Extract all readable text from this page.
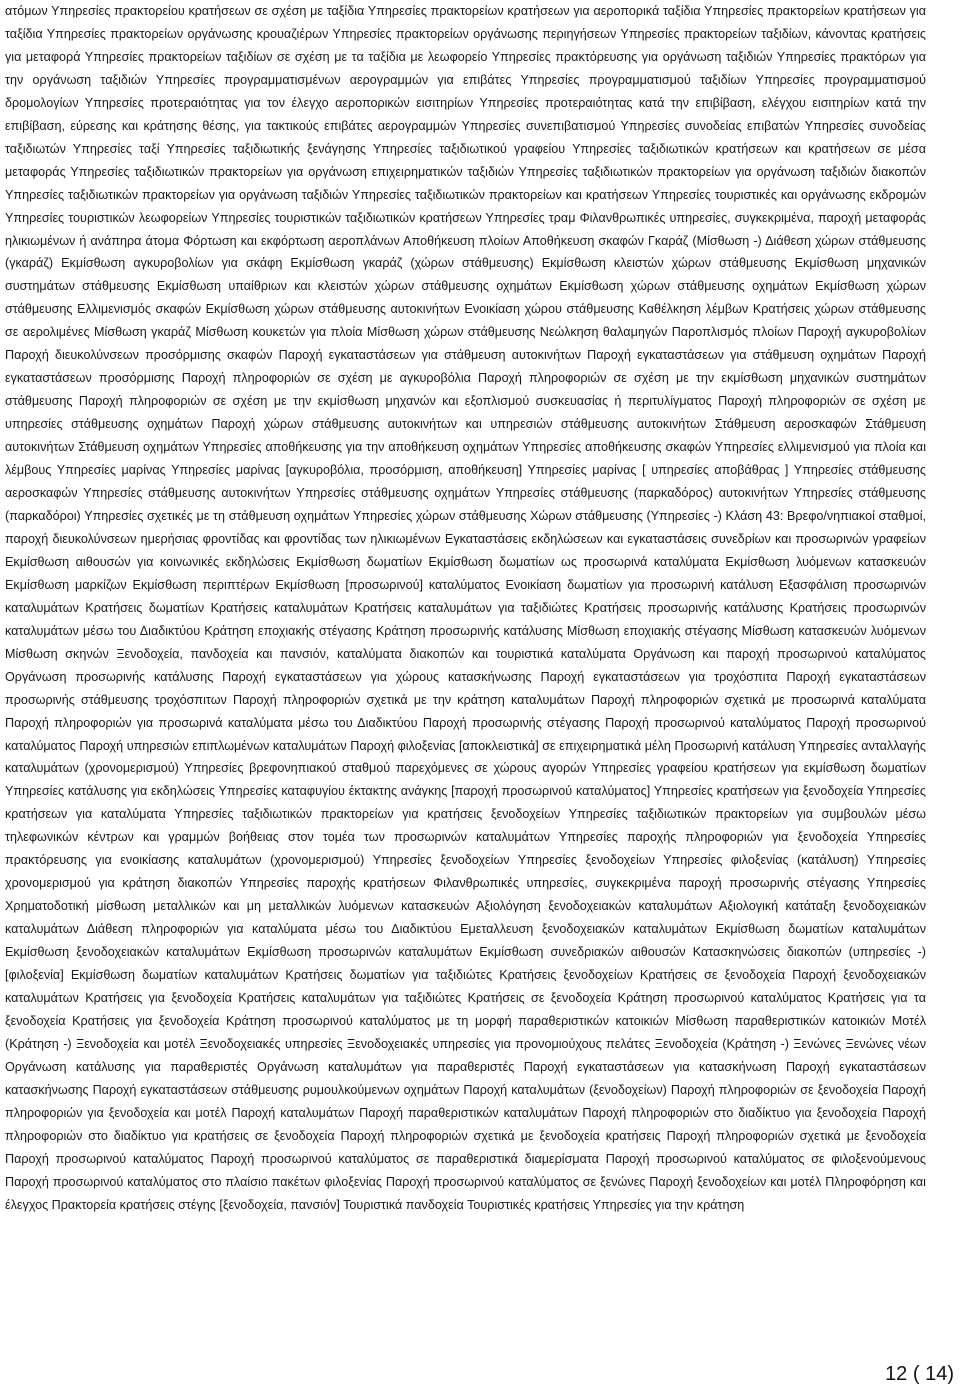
ατόμων Υπηρεσίες πρακτορείου κρατήσεων σε σχέση με ταξίδια Υπηρεσίες πρακτορείων κρατήσεων για αεροπορικά ταξίδια Υπηρεσίες πρακτορείων κρατήσεων για ταξίδια Υπηρεσίες πρακτορείων οργάνωσης κρουαζιέρων Υπηρεσίες πρακτορείων οργάνωσης περιηγήσεων Υπηρεσίες πρακτορείων ταξιδίων, κάνοντας κρατήσεις για μεταφορά Υπηρεσίες πρακτορείων ταξιδίων σε σχέση με τα ταξίδια με λεωφορείο Υπηρεσίες πρακτόρευσης για οργάνωση ταξιδιών Υπηρεσίες πρακτόρων για την οργάνωση ταξιδιών Υπηρεσίες προγραμματισμένων αερογραμμών για επιβάτες Υπηρεσίες προγραμματισμού ταξιδίων Υπηρεσίες προγραμματισμού δρομολογίων Υπηρεσίες προτεραιότητας για τον έλεγχο αεροπορικών εισιτηρίων Υπηρεσίες προτεραιότητας κατά την επιβίβαση, ελέγχου εισιτηρίων κατά την επιβίβαση, εύρεσης και κράτησης θέσης, για τακτικούς επιβάτες αερογραμμών Υπηρεσίες συνεπιβατισμού Υπηρεσίες συνοδείας επιβατών Υπηρεσίες συνοδείας ταξιδιωτών Υπηρεσίες ταξί Υπηρεσίες ταξιδιωτικής ξενάγησης Υπηρεσίες ταξιδιωτικού γραφείου Υπηρεσίες ταξιδιωτικών κρατήσεων και κρατήσεων σε μέσα μεταφοράς Υπηρεσίες ταξιδιωτικών πρακτορείων για οργάνωση επιχειρηματικών ταξιδιών Υπηρεσίες ταξιδιωτικών πρακτορείων για οργάνωση ταξιδιών διακοπών Υπηρεσίες ταξιδιωτικών πρακτορείων για οργάνωση ταξιδιών Υπηρεσίες ταξιδιωτικών πρακτορείων και κρατήσεων Υπηρεσίες τουριστικές και οργάνωσης εκδρομών Υπηρεσίες τουριστικών λεωφορείων Υπηρεσίες τουριστικών ταξιδιωτικών κρατήσεων Υπηρεσίες τραμ Φιλανθρωπικές υπηρεσίες, συγκεκριμένα, παροχή μεταφοράς ηλικιωμένων ή ανάπηρα άτομα Φόρτωση και εκφόρτωση αεροπλάνων Αποθήκευση πλοίων Αποθήκευση σκαφών Γκαράζ (Μίσθωση -) Διάθεση χώρων στάθμευσης (γκαράζ) Εκμίσθωση αγκυροβολίων για σκάφη Εκμίσθωση γκαράζ (χώρων στάθμευσης) Εκμίσθωση κλειστών χώρων στάθμευσης Εκμίσθωση μηχανικών συστημάτων στάθμευσης Εκμίσθωση υπαίθριων και κλειστών χώρων στάθμευσης οχημάτων Εκμίσθωση χώρων στάθμευσης οχημάτων Εκμίσθωση χώρων στάθμευσης Ελλιμενισμός σκαφών Εκμίσθωση χώρων στάθμευσης αυτοκινήτων Ενοικίαση χώρου στάθμευσης Καθέλκηση λέμβων Κρατήσεις χώρων στάθμευσης σε αερολιμένες Μίσθωση γκαράζ Μίσθωση κουκετών για πλοία Μίσθωση χώρων στάθμευσης Νεώλκηση θαλαμηγών Παροπλισμός πλοίων Παροχή αγκυροβολίων Παροχή διευκολύνσεων προσόρμισης σκαφών Παροχή εγκαταστάσεων για στάθμευση αυτοκινήτων Παροχή εγκαταστάσεων για στάθμευση οχημάτων Παροχή εγκαταστάσεων προσόρμισης Παροχή πληροφοριών σε σχέση με αγκυροβόλια Παροχή πληροφοριών σε σχέση με την εκμίσθωση μηχανικών συστημάτων στάθμευσης Παροχή πληροφοριών σε σχέση με την εκμίσθωση μηχανών και εξοπλισμού συσκευασίας ή περιτυλίγματος Παροχή πληροφοριών σε σχέση με υπηρεσίες στάθμευσης οχημάτων Παροχή χώρων στάθμευσης αυτοκινήτων και υπηρεσιών στάθμευσης αυτοκινήτων Στάθμευση αεροσκαφών Στάθμευση αυτοκινήτων Στάθμευση οχημάτων Υπηρεσίες αποθήκευσης για την αποθήκευση οχημάτων Υπηρεσίες αποθήκευσης σκαφών Υπηρεσίες ελλιμενισμού για πλοία και λέμβους Υπηρεσίες μαρίνας Υπηρεσίες μαρίνας [αγκυροβόλια, προσόρμιση, αποθήκευση] Υπηρεσίες μαρίνας [ υπηρεσίες αποβάθρας ] Υπηρεσίες στάθμευσης αεροσκαφών Υπηρεσίες στάθμευσης αυτοκινήτων Υπηρεσίες στάθμευσης οχημάτων Υπηρεσίες στάθμευσης (παρκαδόρος) αυτοκινήτων Υπηρεσίες στάθμευσης (παρκαδόροι) Υπηρεσίες σχετικές με τη στάθμευση οχημάτων Υπηρεσίες χώρων στάθμευσης Χώρων στάθμευσης (Υπηρεσίες -) Κλάση 43: Βρεφο/νηπιακοί σταθμοί, παροχή διευκολύνσεων ημερήσιας φροντίδας και φροντίδας των ηλικιωμένων Εγκαταστάσεις εκδηλώσεων και εγκαταστάσεις συνεδρίων και προσωρινών γραφείων Εκμίσθωση αιθουσών για κοινωνικές εκδηλώσεις Εκμίσθωση δωματίων Εκμίσθωση δωματίων ως προσωρινά καταλύματα Εκμίσθωση λυόμενων κατασκευών Εκμίσθωση μαρκίζων Εκμίσθωση περιπτέρων Εκμίσθωση [προσωρινού] καταλύματος Ενοικίαση δωματίων για προσωρινή κατάλυση Εξασφάλιση προσωρινών καταλυμάτων Κρατήσεις δωματίων Κρατήσεις καταλυμάτων Κρατήσεις καταλυμάτων για ταξιδιώτες Κρατήσεις προσωρινής κατάλυσης Κρατήσεις προσωρινών καταλυμάτων μέσω του Διαδικτύου Κράτηση εποχιακής στέγασης Κράτηση προσωρινής κατάλυσης Μίσθωση εποχιακής στέγασης Μίσθωση κατασκευών λυόμενων Μίσθωση σκηνών Ξενοδοχεία, πανδοχεία και πανσιόν, καταλύματα διακοπών και τουριστικά καταλύματα Οργάνωση και παροχή προσωρινού καταλύματος Οργάνωση προσωρινής κατάλυσης Παροχή εγκαταστάσεων για χώρους κατασκήνωσης Παροχή εγκαταστάσεων για τροχόσπιτα Παροχή εγκαταστάσεων προσωρινής στάθμευσης τροχόσπιτων Παροχή πληροφοριών σχετικά με την κράτηση καταλυμάτων Παροχή πληροφοριών σχετικά με προσωρινά καταλύματα Παροχή πληροφοριών για προσωρινά καταλύματα μέσω του Διαδικτύου Παροχή προσωρινής στέγασης Παροχή προσωρινού καταλύματος Παροχή προσωρινού καταλύματος Παροχή υπηρεσιών επιπλωμένων καταλυμάτων Παροχή φιλοξενίας [αποκλειστικά] σε επιχειρηματικά μέλη Προσωρινή κατάλυση Υπηρεσίες ανταλλαγής καταλυμάτων (χρονομερισμού) Υπηρεσίες βρεφονηπιακού σταθμού παρεχόμενες σε χώρους αγορών Υπηρεσίες γραφείου κρατήσεων για εκμίσθωση δωματίων Υπηρεσίες κατάλυσης για εκδηλώσεις Υπηρεσίες καταφυγίου έκτακτης ανάγκης [παροχή προσωρινού καταλύματος] Υπηρεσίες κρατήσεων για ξενοδοχεία Υπηρεσίες κρατήσεων για καταλύματα Υπηρεσίες ταξιδιωτικών πρακτορείων για κρατήσεις ξενοδοχείων Υπηρεσίες ταξιδιωτικών πρακτορείων για συμβουλών μέσω τηλεφωνικών κέντρων και γραμμών βοήθειας στον τομέα των προσωρινών καταλυμάτων Υπηρεσίες παροχής πληροφοριών για ξενοδοχεία Υπηρεσίες πρακτόρευσης για ενοικίασης καταλυμάτων (χρονομερισμού) Υπηρεσίες ξενοδοχείων Υπηρεσίες ξενοδοχείων Υπηρεσίες φιλοξενίας (κατάλυση) Υπηρεσίες χρονομερισμού για κράτηση διακοπών Υπηρεσίες παροχής κρατήσεων Φιλανθρωπικές υπηρεσίες, συγκεκριμένα παροχή προσωρινής στέγασης Υπηρεσίες Χρηματοδοτική μίσθωση μεταλλικών και μη μεταλλικών λυόμενων κατασκευών Αξιολόγηση ξενοδοχειακών καταλυμάτων Αξιολογική κατάταξη ξενοδοχειακών καταλυμάτων Διάθεση πληροφοριών για καταλύματα μέσω του Διαδικτύου Εμεταλλευση ξενοδοχειακών καταλυμάτων Εκμίσθωση δωματίων καταλυμάτων Εκμίσθωση ξενοδοχειακών καταλυμάτων Εκμίσθωση προσωρινών καταλυμάτων Εκμίσθωση συνεδριακών αιθουσών Κατασκηνώσεις διακοπών (υπηρεσίες -) [φιλοξενία] Εκμίσθωση δωματίων καταλυμάτων Κρατήσεις δωματίων για ταξιδιώτες Κρατήσεις ξενοδοχείων Κρατήσεις σε ξενοδοχεία Παροχή ξενοδοχειακών καταλυμάτων Κρατήσεις για ξενοδοχεία Κρατήσεις καταλυμάτων για ταξιδιώτες Κρατήσεις σε ξενοδοχεία Κράτηση προσωρινού καταλύματος Κρατήσεις για τα ξενοδοχεία Κρατήσεις για ξενοδοχεία Κράτηση προσωρινού καταλύματος με τη μορφή παραθεριστικών κατοικιών Μίσθωση παραθεριστικών κατοικιών Μοτέλ (Κράτηση -) Ξενοδοχεία και μοτέλ Ξενοδοχειακές υπηρεσίες Ξενοδοχειακές υπηρεσίες για προνομιούχους πελάτες Ξενοδοχεία (Κράτηση -) Ξενώνες Ξενώνες νέων Οργάνωση κατάλυσης για παραθεριστές Οργάνωση καταλυμάτων για παραθεριστές Παροχή εγκαταστάσεων για κατασκήνωση Παροχή εγκαταστάσεων κατασκήνωσης Παροχή εγκαταστάσεων στάθμευσης ρυμουλκούμενων οχημάτων Παροχή καταλυμάτων (ξενοδοχείων) Παροχή πληροφοριών σε ξενοδοχεία Παροχή πληροφοριών για ξενοδοχεία και μοτέλ Παροχή καταλυμάτων Παροχή παραθεριστικών καταλυμάτων Παροχή πληροφοριών στο διαδίκτυο για ξενοδοχεία Παροχή πληροφοριών στο διαδίκτυο για κρατήσεις σε ξενοδοχεία Παροχή πληροφοριών σχετικά με ξενοδοχεία κρατήσεις Παροχή πληροφοριών σχετικά με ξενοδοχεία Παροχή προσωρινού καταλύματος Παροχή προσωρινού καταλύματος σε παραθεριστικά διαμερίσματα Παροχή προσωρινού καταλύματος σε φιλοξενούμενους Παροχή προσωρινού καταλύματος στο πλαίσιο πακέτων φιλοξενίας Παροχή προσωρινού καταλύματος σε ξενώνες Παροχή ξενοδοχείων και μοτέλ Πληροφόρηση και έλεγχος Πρακτορεία κρατήσεις στέγης [ξενοδοχεία, πανσιόν] Τουριστικά πανδοχεία Τουριστικές κρατήσεις Υπηρεσίες για την κράτηση

12 ( 14)
